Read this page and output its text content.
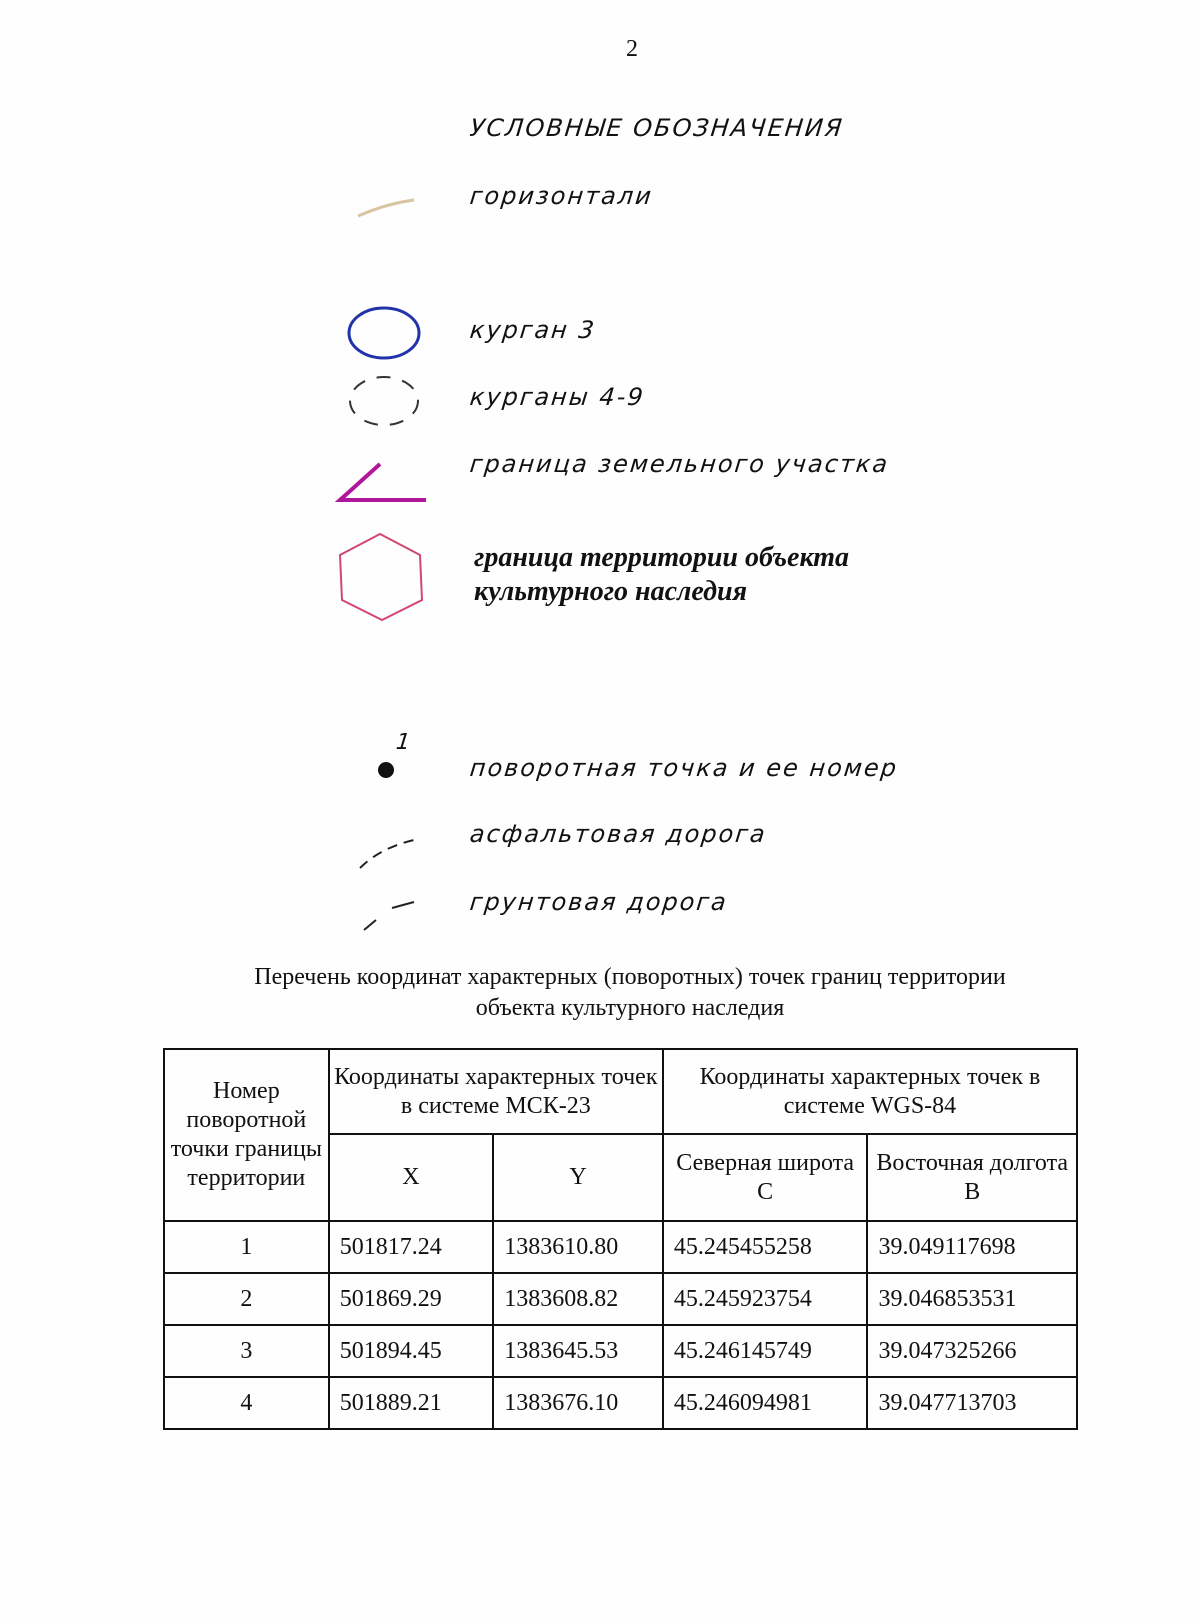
2
УСЛОВНЫЕ ОБОЗНАЧЕНИЯ
1
горизонтали
курган 3
курганы 4-9
граница земельного участка
граница территории объекта культурного наследия
поворотная точка и ее номер
асфальтовая дорога
грунтовая дорога
Перечень координат характерных (поворотных) точек границ территории
объекта культурного наследия
Номер поворотной точки границы территории	Координаты характерных точек в системе МСК-23		Координаты характерных точек в системе WGS-84	
	X	Y	Северная широта С	Восточная долгота В
1	501817.24	1383610.80	45.245455258	39.049117698
2	501869.29	1383608.82	45.245923754	39.046853531
3	501894.45	1383645.53	45.246145749	39.047325266
4	501889.21	1383676.10	45.246094981	39.047713703
